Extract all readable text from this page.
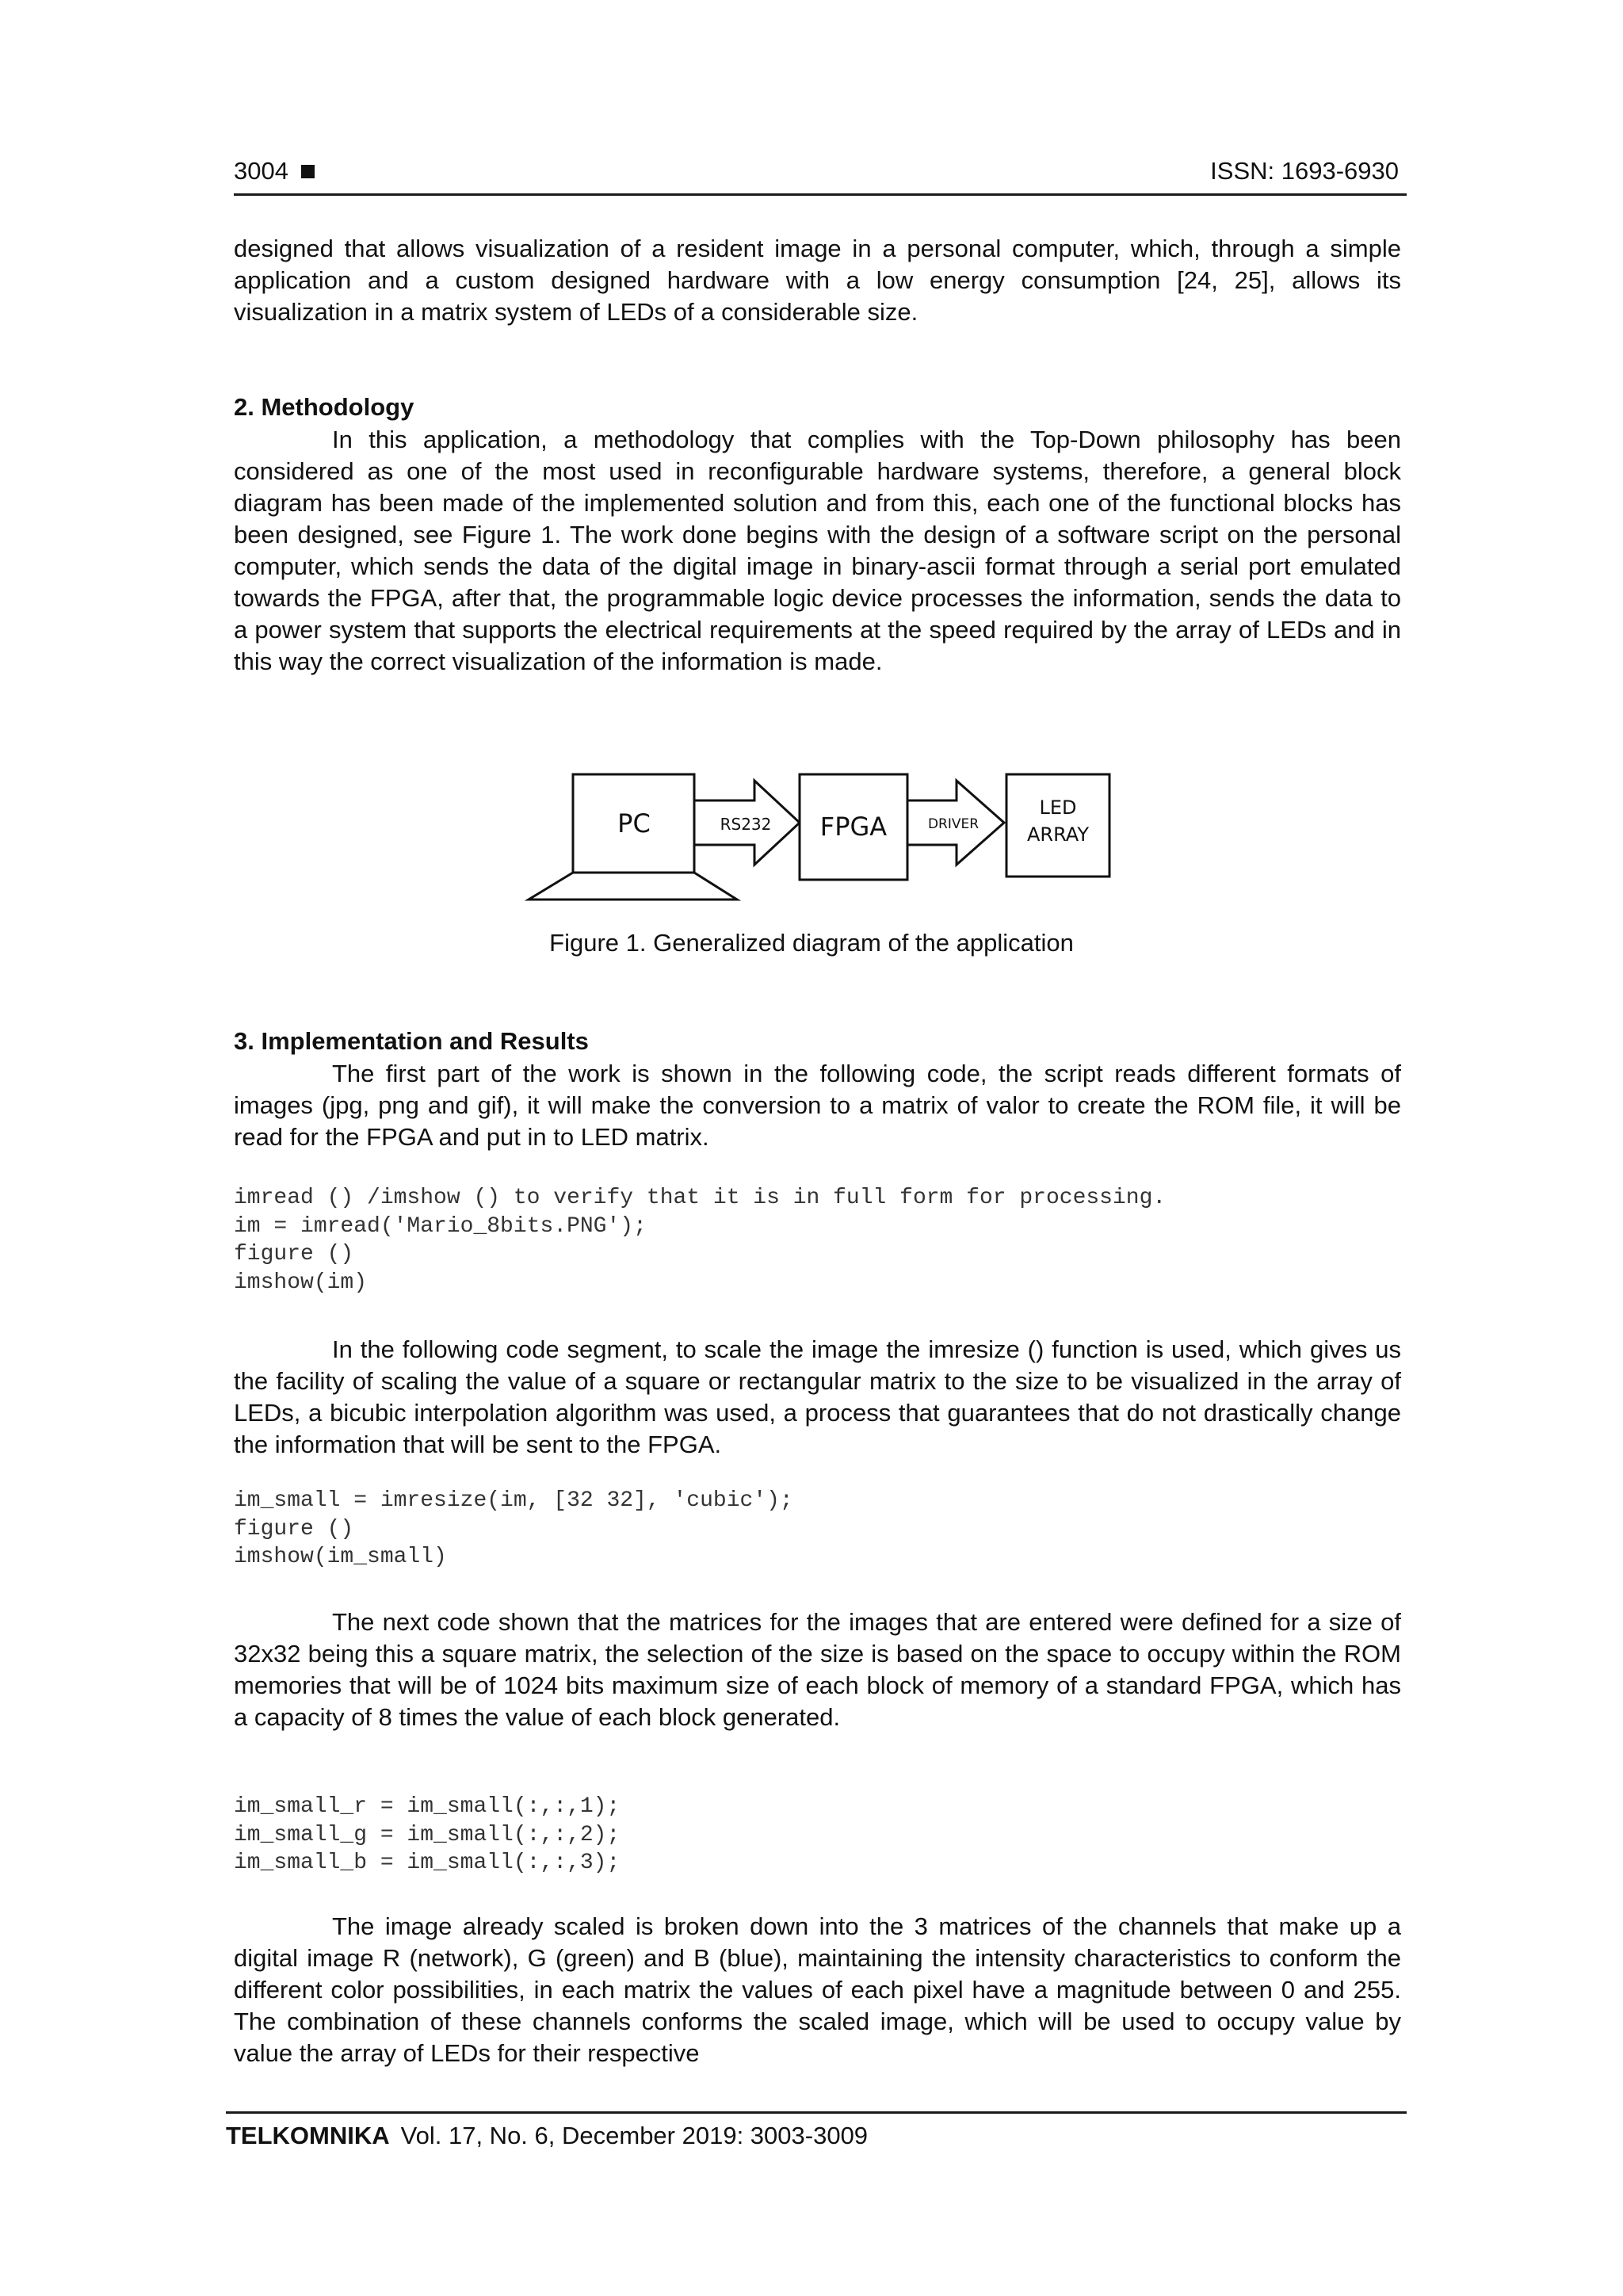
3004	ISSN: 1693-6930

designed that allows visualization of a resident image in a personal computer, which, through a simple application and a custom designed hardware with a low energy consumption [24, 25], allows its visualization in a matrix system of LEDs of a considerable size.

2. Methodology

In this application, a methodology that complies with the Top-Down philosophy has been considered as one of the most used in reconfigurable hardware systems, therefore, a general block diagram has been made of the implemented solution and from this, each one of the functional blocks has been designed, see Figure 1. The work done begins with the design of a software script on the personal computer, which sends the data of the digital image in binary-ascii format through a serial port emulated towards the FPGA, after that, the programmable logic device processes the information, sends the data to a power system that supports the electrical requirements at the speed required by the array of LEDs and in this way the correct visualization of the information is made.

PC	RS232 FPGA	DRIVER
LED
ARRAY

Figure 1. Generalized diagram of the application

3. Implementation and Results

The first part of the work is shown in the following code, the script reads different formats of images (jpg, png and gif), it will make the conversion to a matrix of valor to create the ROM file, it will be read for the FPGA and put in to LED matrix.

imread () /imshow () to verify that it is in full form for processing.
im = imread('Mario_8bits.PNG');
figure ()
imshow(im)

In the following code segment, to scale the image the imresize () function is used, which gives us the facility of scaling the value of a square or rectangular matrix to the size to be visualized in the array of LEDs, a bicubic interpolation algorithm was used, a process that guarantees that do not drastically change the information that will be sent to the FPGA.

im_small = imresize(im, [32 32], 'cubic');
figure ()
imshow(im_small)

The next code shown that the matrices for the images that are entered were defined for a size of 32x32 being this a square matrix, the selection of the size is based on the space to occupy within the ROM memories that will be of 1024 bits maximum size of each block of memory of a standard FPGA, which has a capacity of 8 times the value of each block generated.

im_small_r = im_small(:,:,1);
im_small_g = im_small(:,:,2);
im_small_b = im_small(:,:,3);

The image already scaled is broken down into the 3 matrices of the channels that make up a digital image R (network), G (green) and B (blue), maintaining the intensity characteristics to conform the different color possibilities, in each matrix the values of each pixel have a magnitude between 0 and 255. The combination of these channels conforms the scaled image, which will be used to occupy value by value the array of LEDs for their respective

TELKOMNIKA Vol. 17, No. 6, December 2019: 3003-3009
